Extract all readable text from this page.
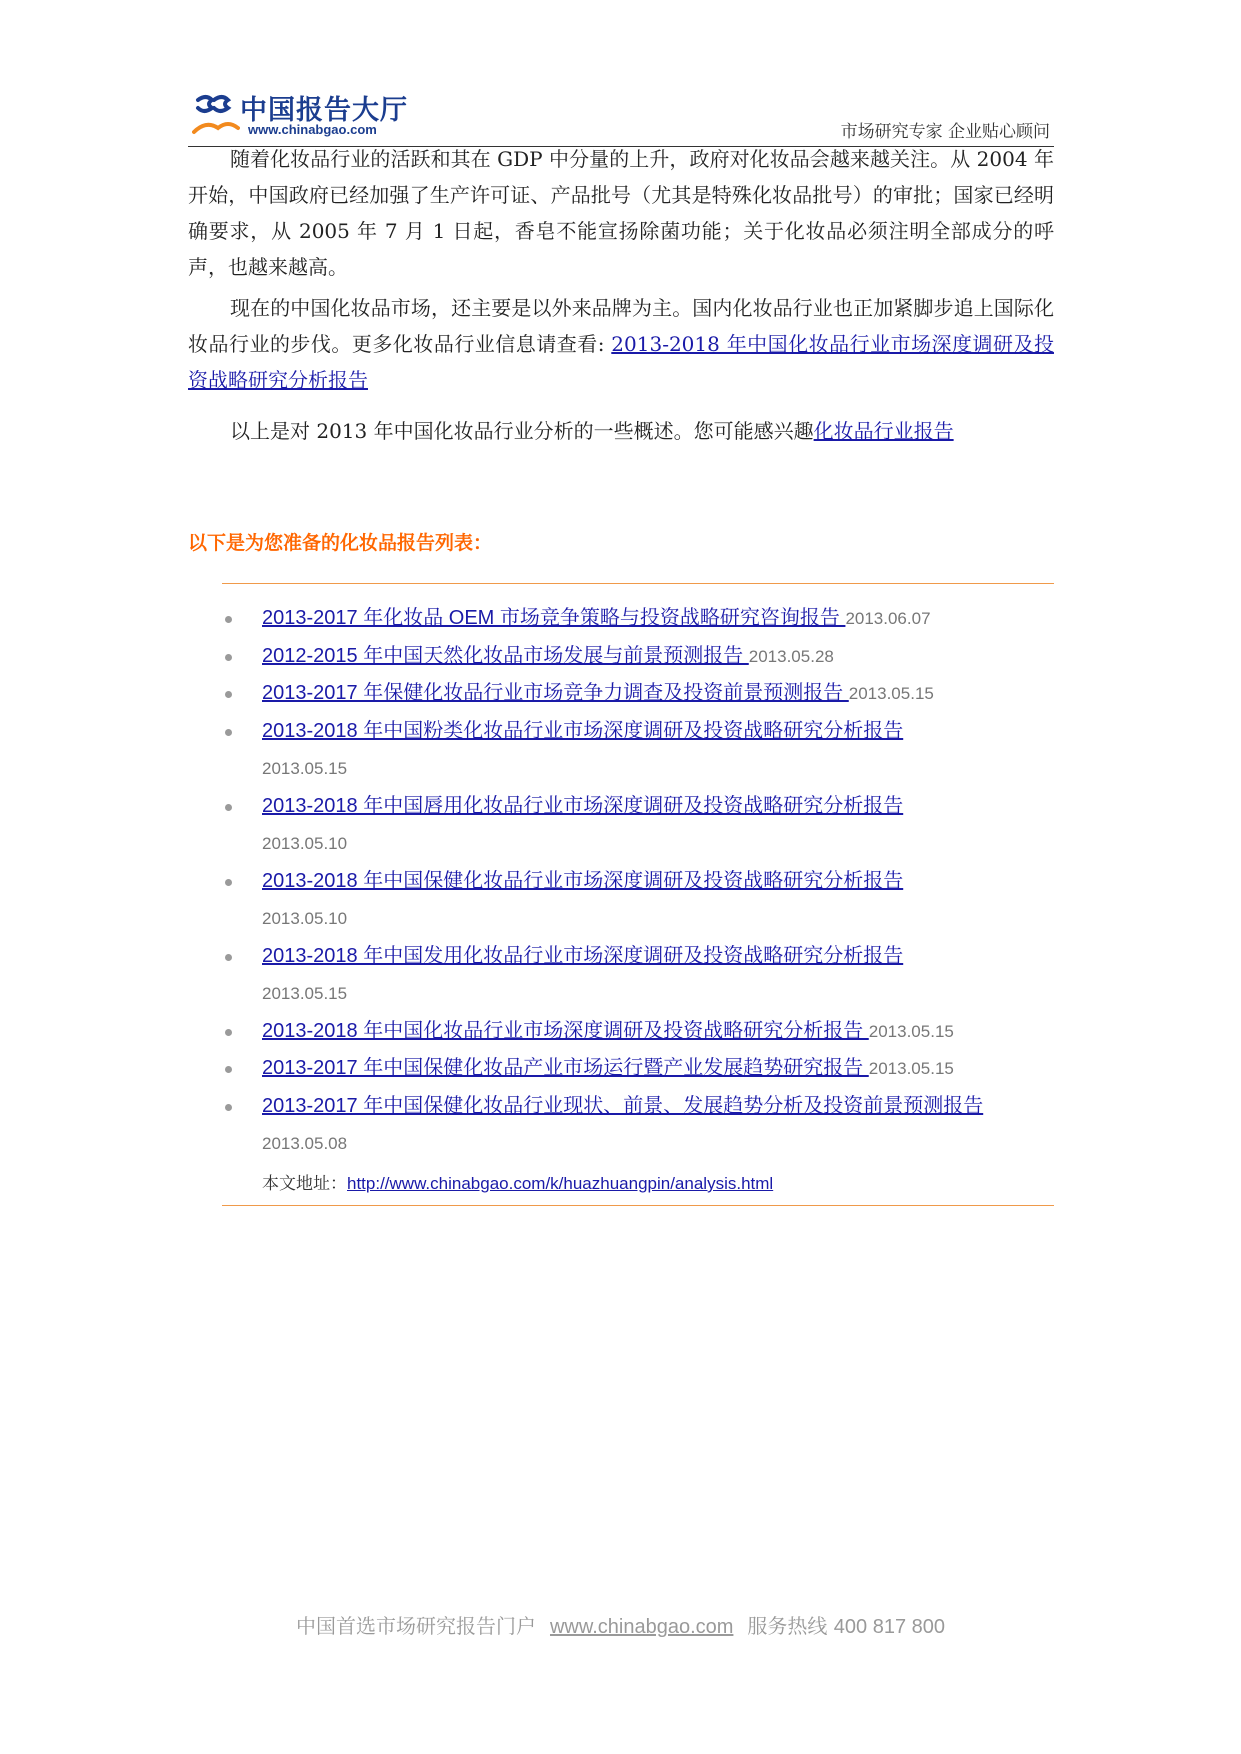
中国报告大厅
www.chinabgao.com	市场研究专家 企业贴心顾问

随着化妆品行业的活跃和其在 GDP 中分量的上升，政府对化妆品会越来越关注。从 2004 年开始，中国政府已经加强了生产许可证、产品批号（尤其是特殊化妆品批号）的审批；国家已经明确要求，从 2005 年 7 月 1 日起，香皂不能宣扬除菌功能；关于化妆品必须注明全部成分的呼声，也越来越高。

现在的中国化妆品市场，还主要是以外来品牌为主。国内化妆品行业也正加紧脚步追上国际化妆品行业的步伐。更多化妆品行业信息请查看: 2013-2018 年中国化妆品行业市场深度调研及投资战略研究分析报告

以上是对 2013 年中国化妆品行业分析的一些概述。您可能感兴趣化妆品行业报告

以下是为您准备的化妆品报告列表：
2013-2017 年化妆品 OEM 市场竞争策略与投资战略研究咨询报告 2013.06.07
2012-2015 年中国天然化妆品市场发展与前景预测报告 2013.05.28
2013-2017 年保健化妆品行业市场竞争力调查及投资前景预测报告 2013.05.15
2013-2018 年中国粉类化妆品行业市场深度调研及投资战略研究分析报告
2013.05.15
2013-2018 年中国唇用化妆品行业市场深度调研及投资战略研究分析报告
2013.05.10
2013-2018 年中国保健化妆品行业市场深度调研及投资战略研究分析报告
2013.05.10
2013-2018 年中国发用化妆品行业市场深度调研及投资战略研究分析报告
2013.05.15
2013-2018 年中国化妆品行业市场深度调研及投资战略研究分析报告 2013.05.15
2013-2017 年中国保健化妆品产业市场运行暨产业发展趋势研究报告 2013.05.15
2013-2017 年中国保健化妆品行业现状、前景、发展趋势分析及投资前景预测报告
2013.05.08
本文地址：http://www.chinabgao.com/k/huazhuangpin/analysis.html
中国首选市场研究报告门户 www.chinabgao.com 服务热线 400 817 800
